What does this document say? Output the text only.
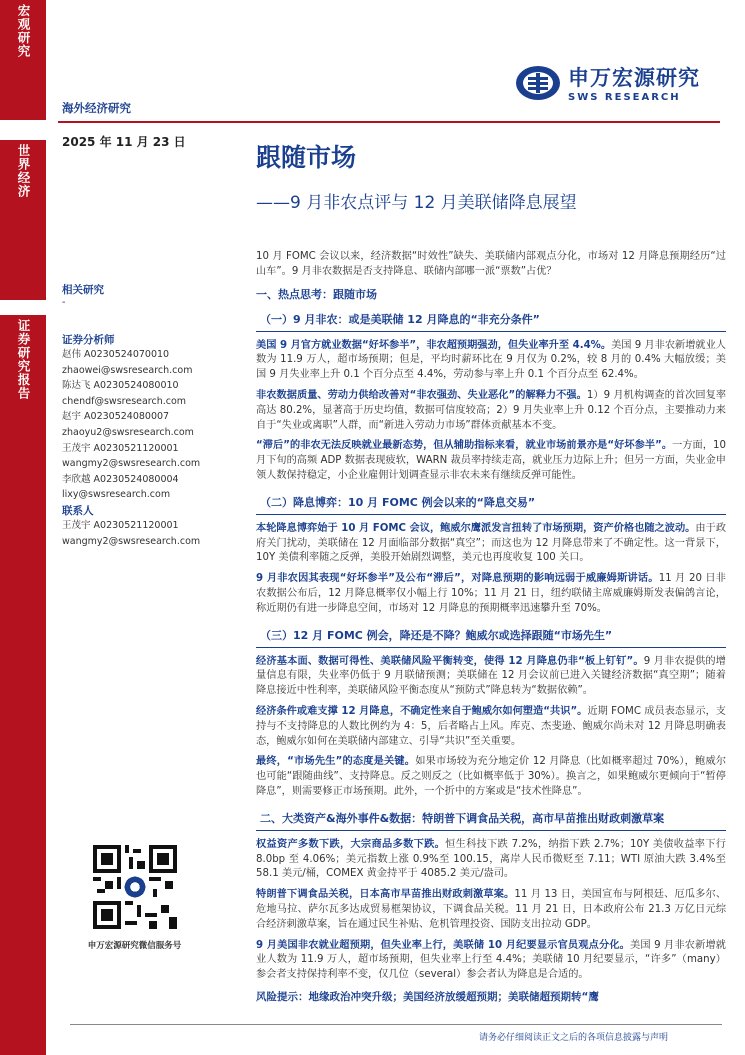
宏观研究
世界经济
证券研究报告
海外经济研究
2025 年 11 月 23 日
申万宏源研究
SWS RESEARCH
跟随市场
——9 月非农点评与 12 月美联储降息展望
相关研究
-
证券分析师
赵伟 A0230524070010
zhaowei@swsresearch.com
陈达飞 A0230524080010
chendf@swsresearch.com
赵宇 A0230524080007
zhaoyu2@swsresearch.com
王茂宇 A0230521120001
wangmy2@swsresearch.com
李欣越 A0230524080004
lixy@swsresearch.com
联系人
王茂宇 A0230521120001
wangmy2@swsresearch.com
申万宏源研究微信服务号

10 月 FOMC 会议以来，经济数据“时效性”缺失、美联储内部观点分化，市场对 12 月降息预期经历“过山车”。9 月非农数据是否支持降息、联储内部哪一派“票数”占优？

一、热点思考：跟随市场
（一）9 月非农：或是美联储 12 月降息的“非充分条件”

美国 9 月官方就业数据“好坏参半”，非农超预期强劲，但失业率升至 4.4%。美国 9 月非农新增就业人数为 11.9 万人，超市场预期；但是，平均时薪环比在 9 月仅为 0.2%，较 8 月的 0.4% 大幅放缓；美国 9 月失业率上升 0.1 个百分点至 4.4%，劳动参与率上升 0.1 个百分点至 62.4%。

非农数据质量、劳动力供给改善对“非农强劲、失业恶化”的解释力不强。1）9 月机构调查的首次回复率高达 80.2%，显著高于历史均值，数据可信度较高；2）9 月失业率上升 0.12 个百分点，主要推动力来自于“失业或离职”人群，而“新进入劳动力市场”群体贡献基本不变。

“滞后”的非农无法反映就业最新态势，但从辅助指标来看，就业市场前景亦是“好坏参半”。一方面，10 月下旬的高频 ADP 数据表现疲软，WARN 裁员率持续走高，就业压力边际上升；但另一方面，失业金申领人数保持稳定，小企业雇佣计划调查显示非农未来有继续反弹可能性。

（二）降息博弈：10 月 FOMC 例会以来的“降息交易”

本轮降息博弈始于 10 月 FOMC 会议，鲍威尔鹰派发言扭转了市场预期，资产价格也随之波动。由于政府关门扰动，美联储在 12 月面临部分数据“真空”；而这也为 12 月降息带来了不确定性。这一背景下，10Y 美债利率随之反弹，美股开始剧烈调整，美元也再度收复 100 关口。

9 月非农因其表现“好坏参半”及公布“滞后”，对降息预期的影响远弱于威廉姆斯讲话。11 月 20 日非农数据公布后，12 月降息概率仅小幅上行 10%；11 月 21 日，纽约联储主席威廉姆斯发表偏鸽言论，称近期仍有进一步降息空间，市场对 12 月降息的预期概率迅速攀升至 70%。

（三）12 月 FOMC 例会，降还是不降？鲍威尔或选择跟随“市场先生”

经济基本面、数据可得性、美联储风险平衡转变，使得 12 月降息仍非“板上钉钉”。9 月非农提供的增量信息有限，失业率仍低于 9 月联储预测；美联储在 12 月会议前已进入关键经济数据“真空期”；随着降息接近中性利率，美联储风险平衡态度从“预防式”降息转为“数据依赖”。

经济条件或难支撑 12 月降息，不确定性来自于鲍威尔如何塑造“共识”。近期 FOMC 成员表态显示，支持与不支持降息的人数比例约为 4：5，后者略占上风。库克、杰斐逊、鲍威尔尚未对 12 月降息明确表态，鲍威尔如何在美联储内部建立、引导“共识”至关重要。

最终，“市场先生”的态度是关键。如果市场较为充分地定价 12 月降息（比如概率超过 70%），鲍威尔也可能“跟随曲线”、支持降息。反之则反之（比如概率低于 30%）。换言之，如果鲍威尔更倾向于“暂停降息”，则需要修正市场预期。此外，一个折中的方案或是“技术性降息”。

二、大类资产&海外事件&数据：特朗普下调食品关税，高市早苗推出财政刺激草案

权益资产多数下跌，大宗商品多数下跌。恒生科技下跌 7.2%，纳指下跌 2.7%；10Y 美债收益率下行 8.0bp 至 4.06%；美元指数上涨 0.9%至 100.15，离岸人民币微贬至 7.11；WTI 原油大跌 3.4%至 58.1 美元/桶，COMEX 黄金持平于 4085.2 美元/盎司。

特朗普下调食品关税，日本高市早苗推出财政刺激草案。11 月 13 日，美国宣布与阿根廷、厄瓜多尔、危地马拉、萨尔瓦多达成贸易框架协议，下调食品关税。11 月 21 日，日本政府公布 21.3 万亿日元综合经济刺激草案，旨在通过民生补贴、危机管理投资、国防支出拉动 GDP。

9 月美国非农就业超预期，但失业率上行，美联储 10 月纪要显示官员观点分化。美国 9 月非农新增就业人数为 11.9 万人，超市场预期，但失业率上行至 4.4%；美联储 10 月纪要显示，“许多”（many）参会者支持保持利率不变，仅几位（several）参会者认为降息是合适的。

风险提示：地缘政治冲突升级；美国经济放缓超预期；美联储超预期转“鹰
请务必仔细阅读正文之后的各项信息披露与声明
